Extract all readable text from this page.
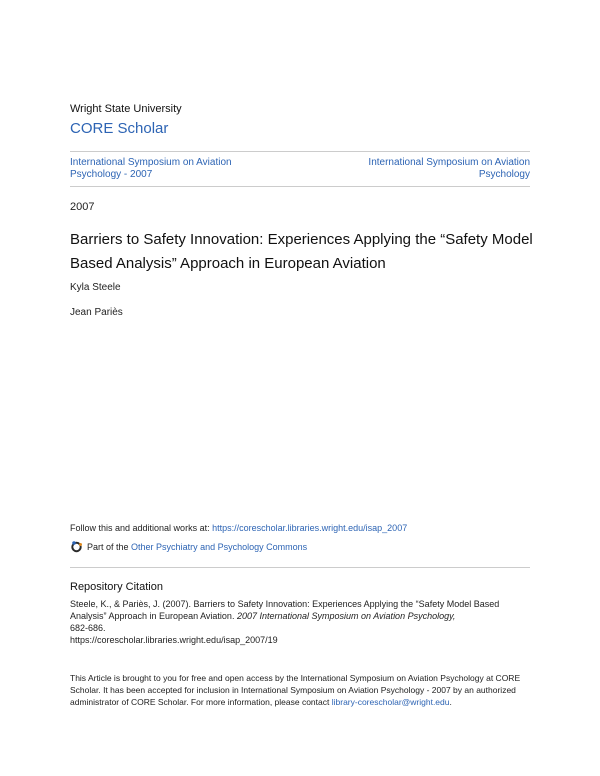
Wright State University
CORE Scholar
International Symposium on Aviation Psychology - 2007
International Symposium on Aviation Psychology
2007
Barriers to Safety Innovation: Experiences Applying the “Safety Model Based Analysis” Approach in European Aviation
Kyla Steele
Jean Pariès
Follow this and additional works at: https://corescholar.libraries.wright.edu/isap_2007
Part of the
Other Psychiatry and Psychology Commons
Repository Citation
Steele, K., & Pariès, J. (2007). Barriers to Safety Innovation: Experiences Applying the “Safety Model Based Analysis” Approach in European Aviation. 2007 International Symposium on Aviation Psychology,
682-686.
https://corescholar.libraries.wright.edu/isap_2007/19
This Article is brought to you for free and open access by the International Symposium on Aviation Psychology at CORE Scholar. It has been accepted for inclusion in International Symposium on Aviation Psychology - 2007 by an authorized administrator of CORE Scholar. For more information, please contact library-corescholar@wright.edu.
